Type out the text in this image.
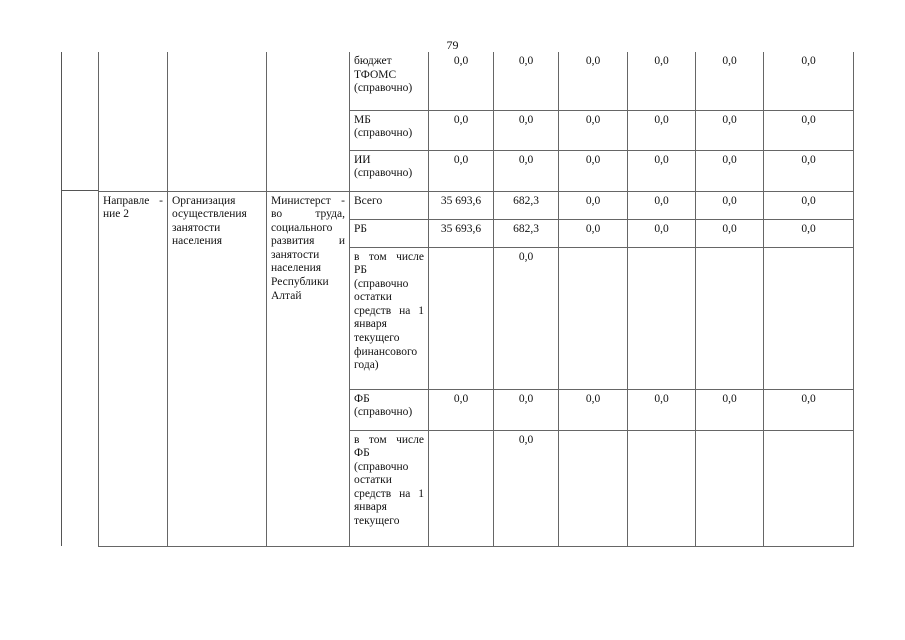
79
			бюджет ТФОМС (справочно)	0,0	0,0	0,0	0,0	0,0	0,0
			МБ (справочно)	0,0	0,0	0,0	0,0	0,0	0,0
			ИИ (справочно)	0,0	0,0	0,0	0,0	0,0	0,0
Направле - ние 2	Организация осуществления занятости населения	Министерст - во труда, социального развития и занятости населения Республики Алтай	Всего	35 693,6	682,3	0,0	0,0	0,0	0,0
			РБ	35 693,6	682,3	0,0	0,0	0,0	0,0
			в том числе РБ (справочно остатки средств на 1 января текущего финансового года)		0,0				
			ФБ (справочно)	0,0	0,0	0,0	0,0	0,0	0,0
			в том числе ФБ (справочно остатки средств на 1 января текущего		0,0				
